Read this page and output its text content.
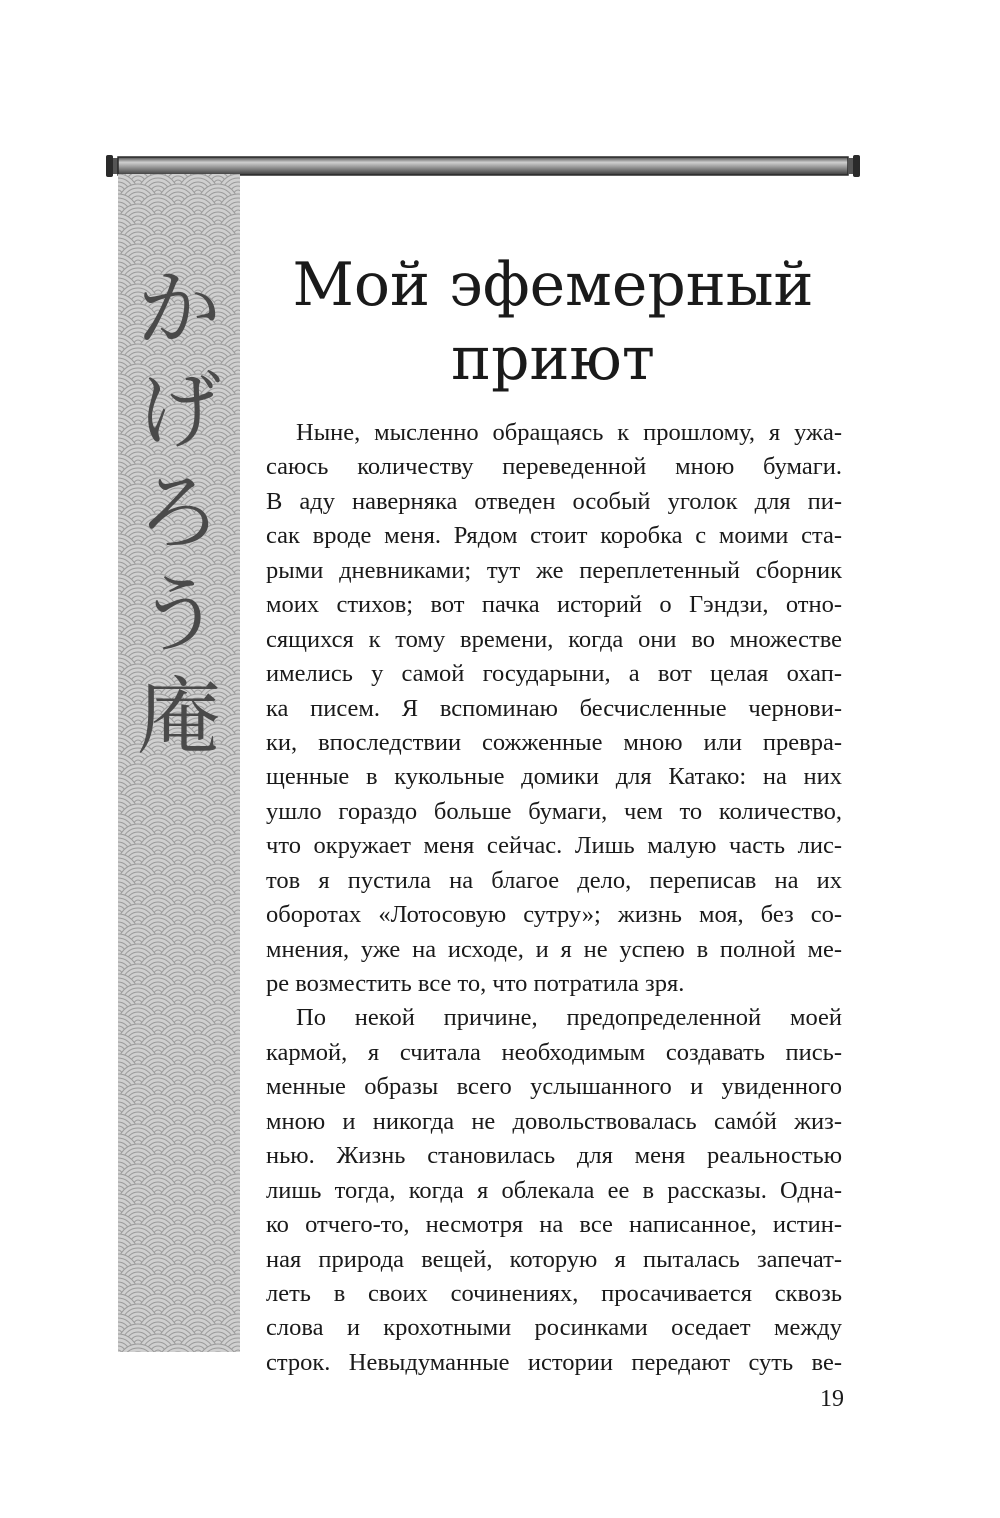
か
げ
ろ
う
庵
Мой эфемерный
приют
Ныне, мысленно обращаясь к прошлому, я ужа-
саюсь количеству переведенной мною бумаги.
В аду наверняка отведен особый уголок для пи-
сак вроде меня. Рядом стоит коробка с моими ста-
рыми дневниками; тут же переплетенный сборник
моих стихов; вот пачка историй о Гэндзи, отно-
сящихся к тому времени, когда они во множестве
имелись у самой государыни, а вот целая охап-
ка писем. Я вспоминаю бесчисленные чернови-
ки, впоследствии сожженные мною или превра-
щенные в кукольные домики для Катако: на них
ушло гораздо больше бумаги, чем то количество,
что окружает меня сейчас. Лишь малую часть лис-
тов я пустила на благое дело, переписав на их
оборотах «Лотосовую сутру»; жизнь моя, без со-
мнения, уже на исходе, и я не успею в полной ме-
ре возместить все то, что потратила зря.
По некой причине, предопределенной моей
кармой, я считала необходимым создавать пись-
менные образы всего услышанного и увиденного
мною и никогда не довольствовалась самóй жиз-
нью. Жизнь становилась для меня реальностью
лишь тогда, когда я облекала ее в рассказы. Одна-
ко отчего-то, несмотря на все написанное, истин-
ная природа вещей, которую я пыталась запечат-
леть в своих сочинениях, просачивается сквозь
слова и крохотными росинками оседает между
строк. Невыдуманные истории передают суть ве-
19
